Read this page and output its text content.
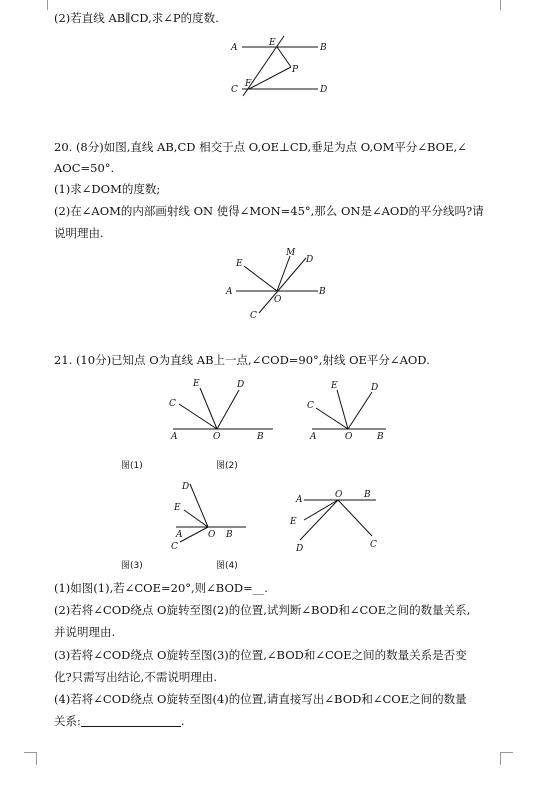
(2)若直线 AB∥CD,求∠P的度数.
A	E	B
P
C
F
D
20. (8分)如图,直线 AB,CD 相交于点 O,OE⊥CD,垂足为点 O,OM平分∠BOE,∠
AOC=50°.
(1)求∠DOM的度数;
(2)在∠AOM的内部画射线 ON 使得∠MON=45°,那么 ON是∠AOD的平分线吗?请
说明理由.
E
M
D
A
O
B
C
21. (10分)已知点 O为直线 AB上一点,∠COD=90°,射线 OE平分∠AOD.
C
E	D
A	O	B
C
E	D
A	O	B
图(1)	图(2)
D
E
A	O B
C
A	O B
E
D	C
图(3)	图(4)
(1)如图(1),若∠COE=20°,则∠BOD=__.
(2)若将∠COD绕点 O旋转至图(2)的位置,试判断∠BOD和∠COE之间的数量关系,
并说明理由.
(3)若将∠COD绕点 O旋转至图(3)的位置,∠BOD和∠COE之间的数量关系是否变
化?只需写出结论,不需说明理由.
(4)若将∠COD绕点 O旋转至图(4)的位置,请直接写出∠BOD和∠COE之间的数量
关系:	.
